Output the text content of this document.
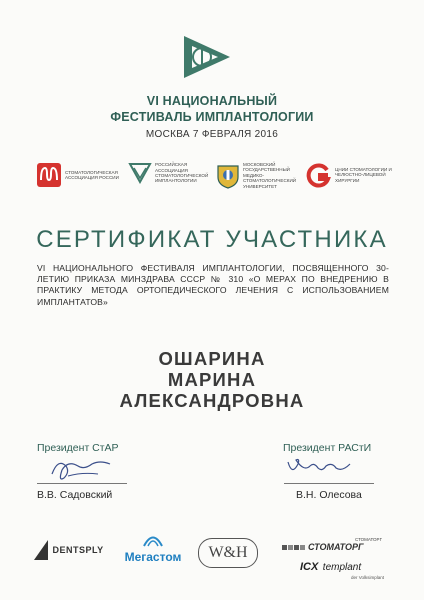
VI НАЦИОНАЛЬНЫЙ
ФЕСТИВАЛЬ ИМПЛАНТОЛОГИИ
МОСКВА 7 ФЕВРАЛЯ 2016
СТОМАТОЛОГИЧЕСКАЯ АССОЦИАЦИЯ РОССИИ
РОССИЙСКАЯ АССОЦИАЦИЯ СТОМАТОЛОГИЧЕСКОЙ ИМПЛАНТОЛОГИИ
МОСКОВСКИЙ ГОСУДАРСТВЕННЫЙ МЕДИКО-СТОМАТОЛОГИЧЕСКИЙ УНИВЕРСИТЕТ
ЦНИИ СТОМАТОЛОГИИ И ЧЕЛЮСТНО-ЛИЦЕВОЙ ХИРУРГИИ
СЕРТИФИКАТ УЧАСТНИКА
VI НАЦИОНАЛЬНОГО ФЕСТИВАЛЯ ИМПЛАНТОЛОГИИ, ПОСВЯЩЕННОГО 30-ЛЕТИЮ ПРИКАЗА МИНЗДРАВА СССР № 310 «О МЕРАХ ПО ВНЕДРЕНИЮ В ПРАКТИКУ МЕТОДА ОРТОПЕДИЧЕСКОГО ЛЕЧЕНИЯ С ИСПОЛЬЗОВАНИЕМ ИМПЛАНТАТОВ»
ОШАРИНА
МАРИНА
АЛЕКСАНДРОВНА
Президент СтАР
В.В. Садовский
Президент РАСтИ
В.Н. Олесова
DENTSPLY	Мегастом	W&H
СТОМАТОРГ
СТОМАТОРГ
ICX templant
der Volksimplant
